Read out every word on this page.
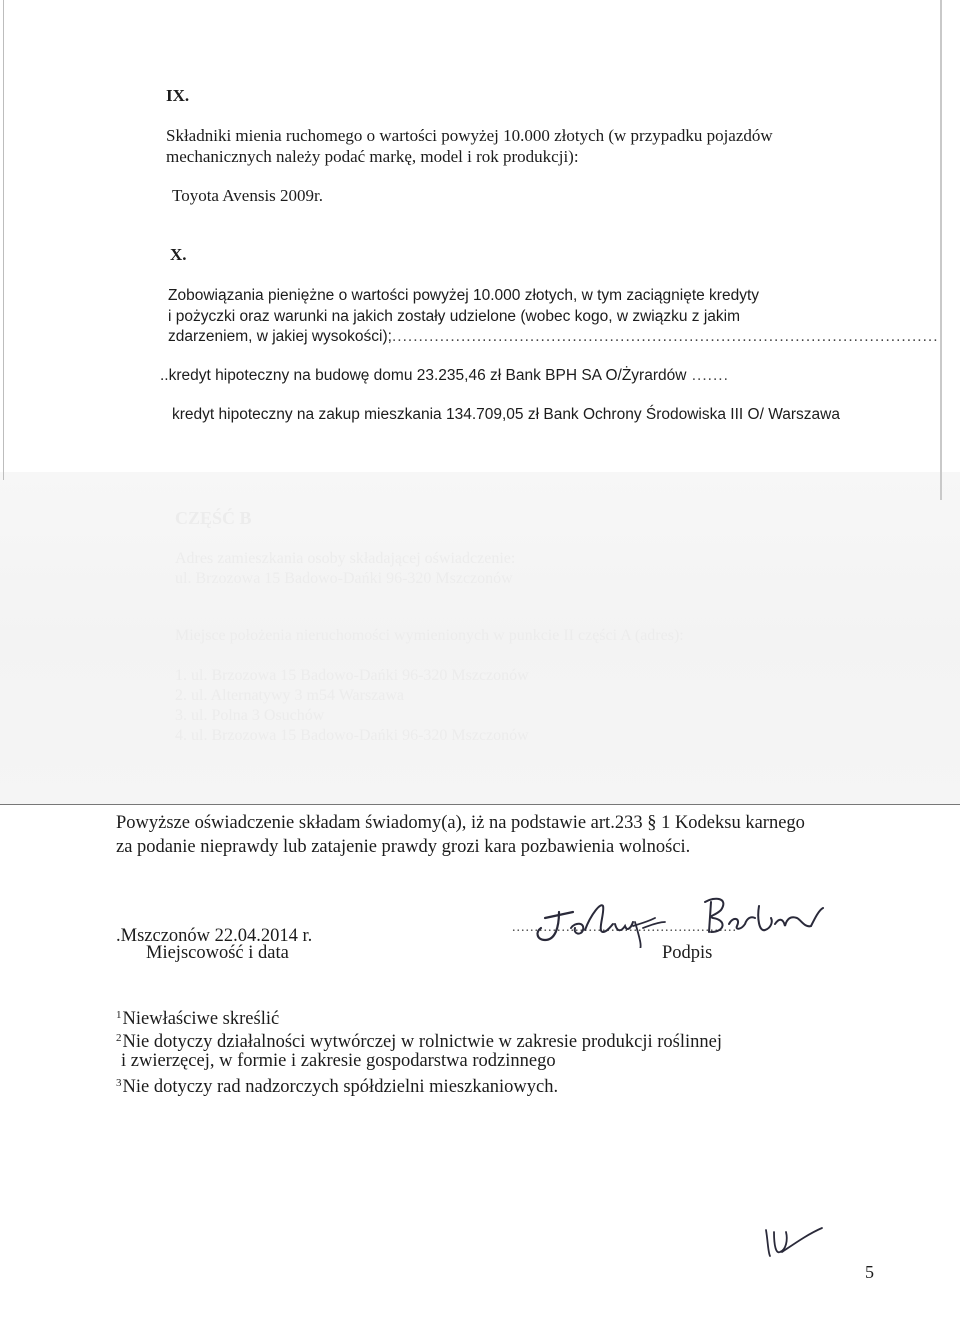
IX.
Składniki mienia ruchomego o wartości powyżej 10.000 złotych (w przypadku pojazdów
mechanicznych należy podać markę, model i rok produkcji):
Toyota Avensis 2009r.
X.
Zobowiązania pieniężne o wartości powyżej 10.000 złotych, w tym zaciągnięte kredyty
i pożyczki oraz warunki na jakich zostały udzielone (wobec kogo, w związku z jakim
zdarzeniem, w jakiej wysokości);.......................................................................................................
..kredyt hipoteczny na budowę domu 23.235,46 zł Bank BPH SA O/Żyrardów .......
kredyt hipoteczny na zakup mieszkania 134.709,05 zł Bank Ochrony Środowiska III O/ Warszawa
CZĘŚĆ B
Adres zamieszkania osoby składającej oświadczenie:
ul. Brzozowa 15 Badowo-Dańki 96-320 Mszczonów
Miejsce położenia nieruchomości wymienionych w punkcie II części A (adres):
1. ul. Brzozowa 15 Badowo-Dańki 96-320 Mszczonów
2. ul. Alternatywy 3 m54 Warszawa
3. ul. Polna 3 Osuchów
4. ul. Brzozowa 15 Badowo-Dańki 96-320 Mszczonów
Powyższe oświadczenie składam świadomy(a), iż na podstawie art.233 § 1 Kodeksu karnego
za podanie nieprawdy lub zatajenie prawdy grozi kara pozbawienia wolności.
.Mszczonów 22.04.2014 r.
Miejscowość i data
..................................................
Podpis
$^1$Niewłaściwe skreślić
$^2$Nie dotyczy działalności wytwórczej w rolnictwie w zakresie produkcji roślinnej
i zwierzęcej, w formie i zakresie gospodarstwa rodzinnego
$^3$Nie dotyczy rad nadzorczych spółdzielni mieszkaniowych.
5
